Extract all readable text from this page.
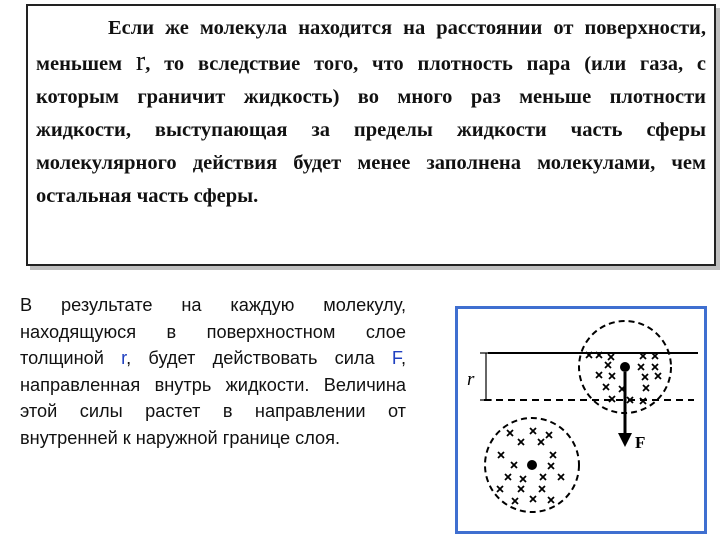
Если же молекула находится на расстоянии от поверхности, меньшем r, то вследствие того, что плотность пара (или газа, с которым граничит жидкость) во много раз меньше плотности жидкости, выступающая за пределы жидкости часть сферы молекулярного действия будет менее заполнена молекулами, чем остальная часть сферы.

В результате на каждую молекулу, находящуюся в поверхностном слое толщиной r, будет действовать сила F, направленная внутрь жидкости. Величина этой силы растет в направлении от внутренней к наружной границе слоя.

r
F
